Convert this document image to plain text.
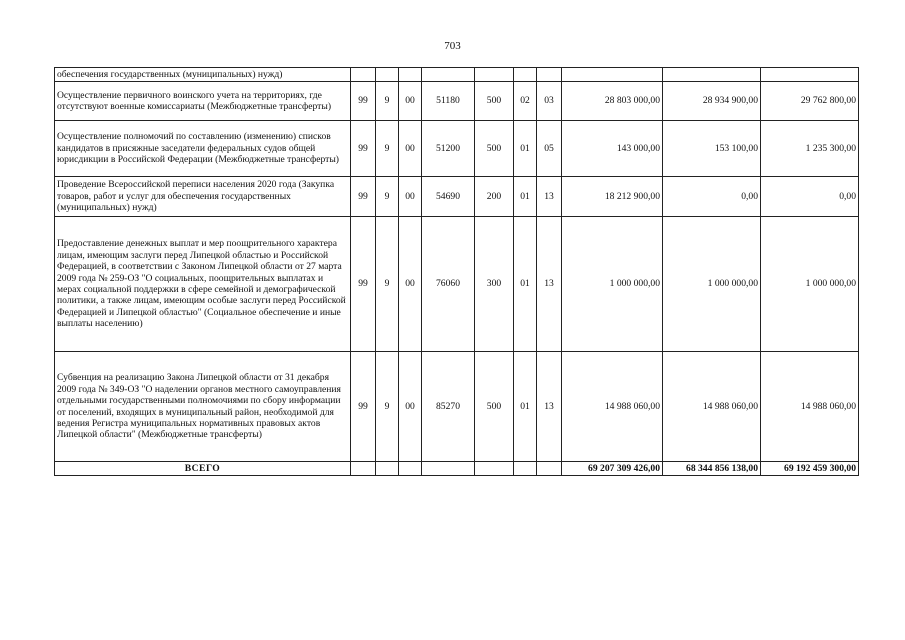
703
обеспечения государственных (муниципальных) нужд)										
Осуществление первичного воинского учета на территориях, где отсутствуют военные комиссариаты (Межбюджетные трансферты)	99	9	00	51180	500	02	03	28 803 000,00	28 934 900,00	29 762 800,00
Осуществление полномочий по составлению (изменению) списков кандидатов в присяжные заседатели федеральных судов общей юрисдикции в Российской Федерации (Межбюджетные трансферты)	99	9	00	51200	500	01	05	143 000,00	153 100,00	1 235 300,00
Проведение Всероссийской переписи населения 2020 года (Закупка товаров, работ и услуг для обеспечения государственных (муниципальных) нужд)	99	9	00	54690	200	01	13	18 212 900,00	0,00	0,00
Предоставление денежных выплат и мер поощрительного характера лицам, имеющим заслуги перед Липецкой областью и Российской Федерацией, в соответствии с Законом Липецкой области от 27 марта 2009 года № 259-ОЗ "О социальных, поощрительных выплатах и мерах социальной поддержки в сфере семейной и демографической политики, а также лицам, имеющим особые заслуги перед Российской Федерацией и Липецкой областью" (Социальное обеспечение и иные выплаты населению)	99	9	00	76060	300	01	13	1 000 000,00	1 000 000,00	1 000 000,00
Субвенция на реализацию Закона Липецкой области от 31 декабря 2009 года № 349-ОЗ "О наделении органов местного самоуправления отдельными государственными полномочиями по сбору информации от поселений, входящих в муниципальный район, необходимой для ведения Регистра муниципальных нормативных правовых актов Липецкой области" (Межбюджетные трансферты)	99	9	00	85270	500	01	13	14 988 060,00	14 988 060,00	14 988 060,00
ВСЕГО								69 207 309 426,00	68 344 856 138,00	69 192 459 300,00
